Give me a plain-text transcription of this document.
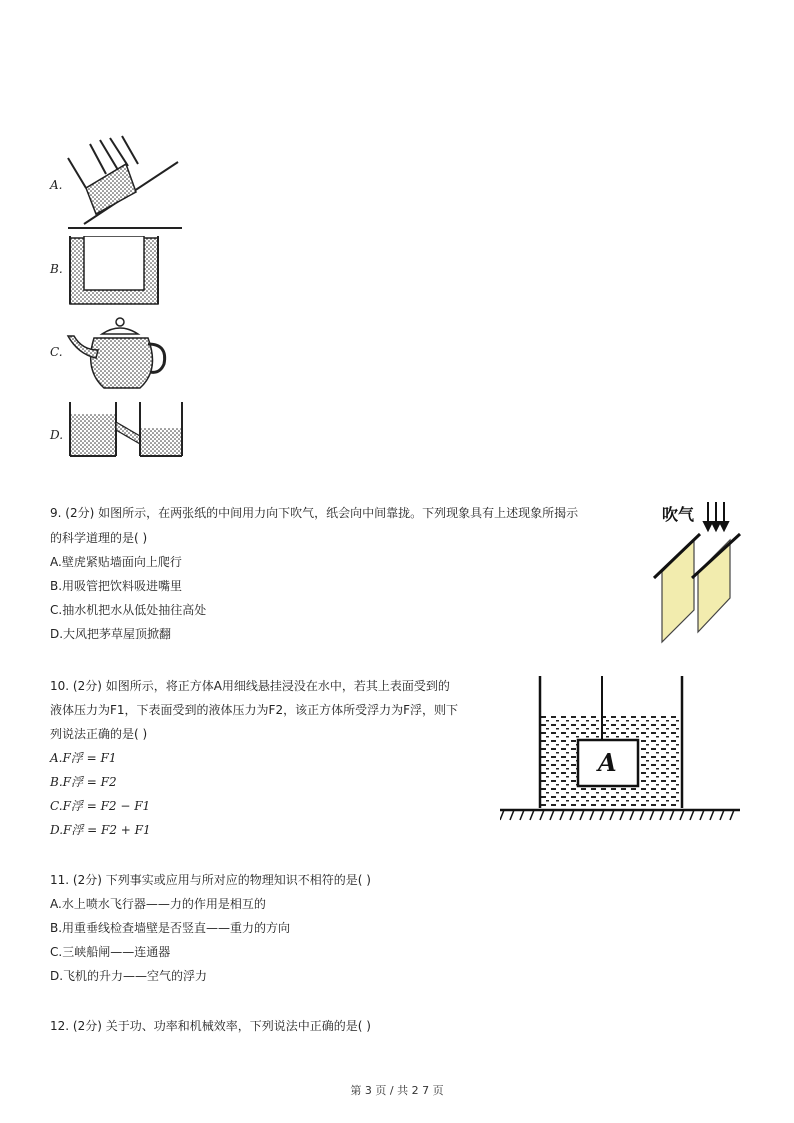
A.
B.
C.
D.
9. (2分) 如图所示，在两张纸的中间用力向下吹气，纸会向中间靠拢。下列现象具有上述现象所揭示
的科学道理的是( )
A.壁虎紧贴墙面向上爬行
B.用吸管把饮料吸进嘴里
C.抽水机把水从低处抽往高处
D.大风把茅草屋顶掀翻
吹气
10. (2分) 如图所示，将正方体A用细线悬挂浸没在水中，若其上表面受到的
液体压力为F1，下表面受到的液体压力为F2，该正方体所受浮力为F浮，则下
列说法正确的是( )
A.F浮 = F1
B.F浮 = F2
C.F浮 = F2 − F1
D.F浮 = F2 + F1
A
11. (2分) 下列事实或应用与所对应的物理知识不相符的是( )
A.水上喷水飞行器——力的作用是相互的
B.用重垂线检查墙壁是否竖直——重力的方向
C.三峡船闸——连通器
D.飞机的升力——空气的浮力
12. (2分) 关于功、功率和机械效率，下列说法中正确的是( )
第 3 页 / 共 2 7 页
